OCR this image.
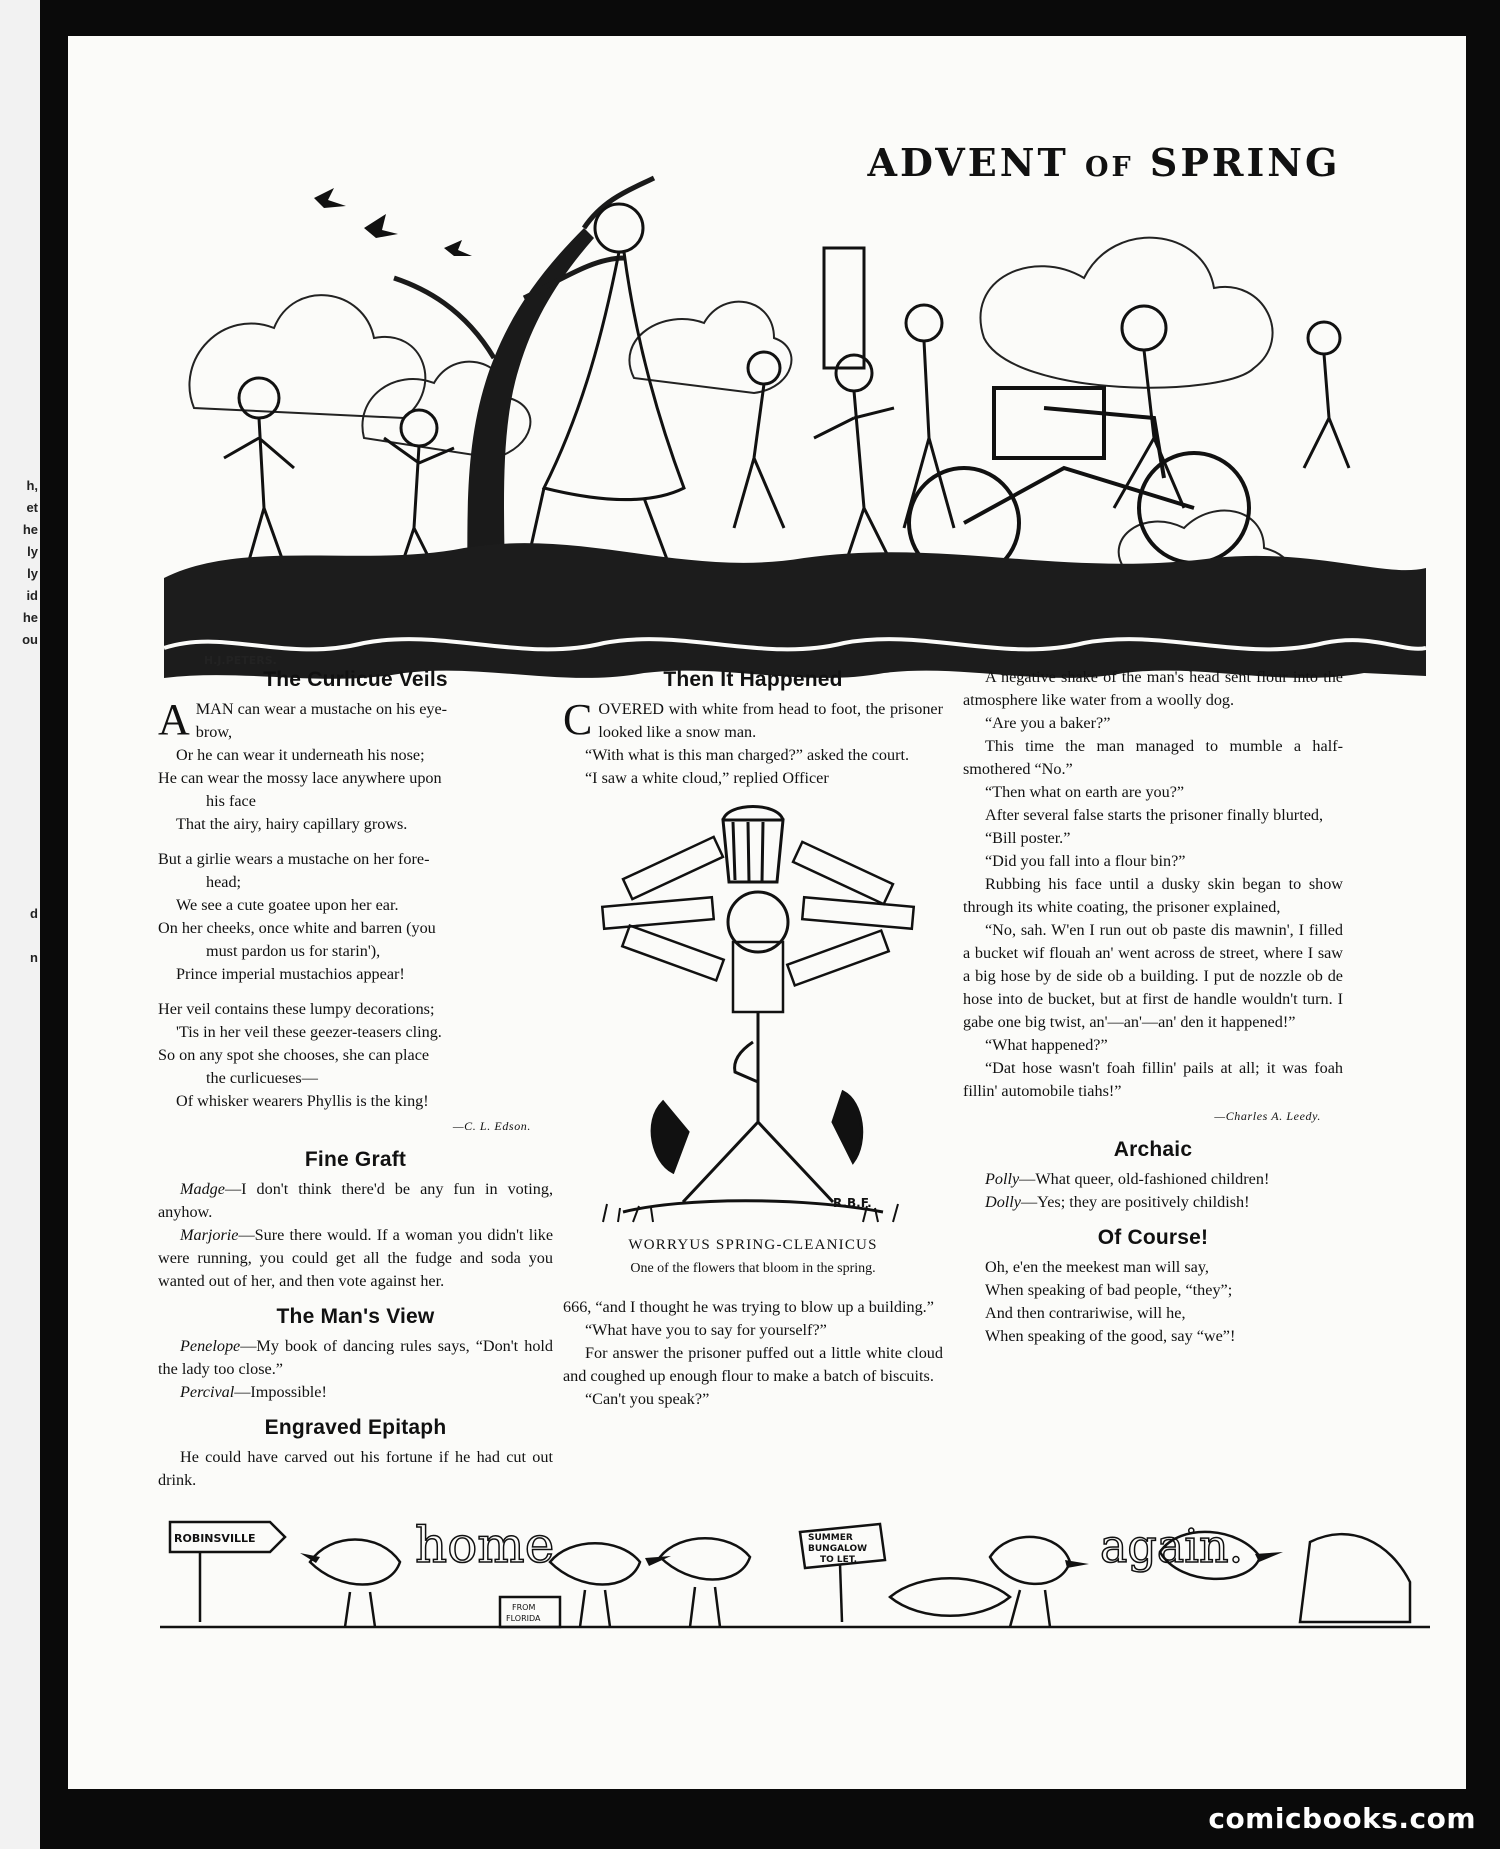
h,
et
he
ly
ly
id
he
ou
d
n
ADVENT of SPRING
H.J.PETERS.
The Curlicue Veils
A MAN can wear a mustache on his eye-

brow,

Or he can wear it underneath his nose;

He can wear the mossy lace anywhere upon

his face

That the airy, hairy capillary grows.

But a girlie wears a mustache on her fore-

head;

We see a cute goatee upon her ear.

On her cheeks, once white and barren (you

must pardon us for starin'),

Prince imperial mustachios appear!

Her veil contains these lumpy decorations;

'Tis in her veil these geezer-teasers cling.

So on any spot she chooses, she can place

the curlicueses—

Of whisker wearers Phyllis is the king!

—C. L. Edson.
Fine Graft

Madge—I don't think there'd be any fun in voting, anyhow.

Marjorie—Sure there would. If a woman you didn't like were running, you could get all the fudge and soda you wanted out of her, and then vote against her.

The Man's View

Penelope—My book of dancing rules says, “Don't hold the lady too close.”

Percival—Impossible!

Engraved Epitaph

He could have carved out his fortune if he had cut out drink.

Then It Happened

COVERED with white from head to foot, the prisoner looked like a snow man.

“With what is this man charged?” asked the court.

“I saw a white cloud,” replied Officer

R.B.F.
WORRYUS SPRING-CLEANICUS
One of the flowers that bloom in the spring.

666, “and I thought he was trying to blow up a building.”

“What have you to say for yourself?”

For answer the prisoner puffed out a little white cloud and coughed up enough flour to make a batch of biscuits.

“Can't you speak?”

A negative shake of the man's head sent flour into the atmosphere like water from a woolly dog.

“Are you a baker?”

This time the man managed to mumble a half-smothered “No.”

“Then what on earth are you?”

After several false starts the prisoner finally blurted,

“Bill poster.”

“Did you fall into a flour bin?”

Rubbing his face until a dusky skin began to show through its white coating, the prisoner explained,

“No, sah. W'en I run out ob paste dis mawnin', I filled a bucket wif flouah an' went across de street, where I saw a big hose by de side ob a building. I put de nozzle ob de hose into de bucket, but at first de handle wouldn't turn. I gabe one big twist, an'—an'—an' den it happened!”

“What happened?”

“Dat hose wasn't foah fillin' pails at all; it was foah fillin' automobile tiahs!”

—Charles A. Leedy.
Archaic

Polly—What queer, old-fashioned children!

Dolly—Yes; they are positively childish!

Of Course!

Oh, e'en the meekest man will say,

When speaking of bad people, “they”;

And then contrariwise, will he,

When speaking of the good, say “we”!

ROBINSVILLE	SUMMER
BUNGALOW
TO LET.
FROM
FLORIDA
home	again.
comicbooks.com
